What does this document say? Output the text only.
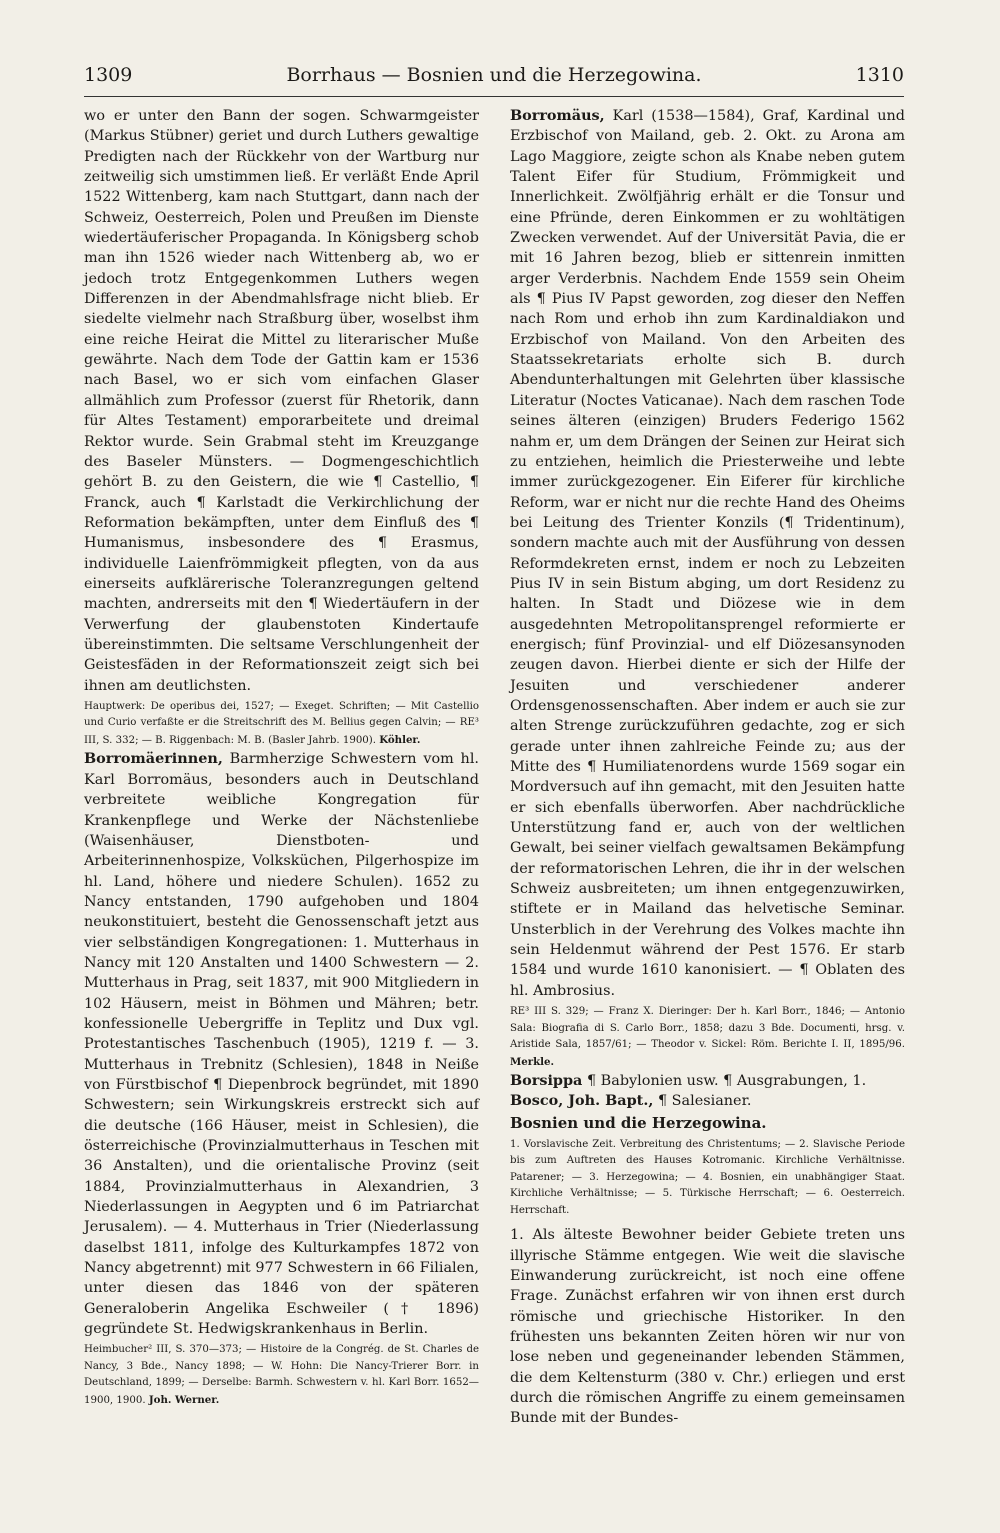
1309	Borrhaus — Bosnien und die Herzegowina.	1310

wo er unter den Bann der sogen. Schwarmgeister (Markus Stübner) geriet und durch Luthers gewaltige Predigten nach der Rückkehr von der Wartburg nur zeitweilig sich umstimmen ließ. Er verläßt Ende April 1522 Wittenberg, kam nach Stuttgart, dann nach der Schweiz, Oesterreich, Polen und Preußen im Dienste wiedertäuferischer Propaganda. In Königsberg schob man ihn 1526 wieder nach Wittenberg ab, wo er jedoch trotz Entgegenkommen Luthers wegen Differenzen in der Abendmahlsfrage nicht blieb. Er siedelte vielmehr nach Straßburg über, woselbst ihm eine reiche Heirat die Mittel zu literarischer Muße gewährte. Nach dem Tode der Gattin kam er 1536 nach Basel, wo er sich vom einfachen Glaser allmählich zum Professor (zuerst für Rhetorik, dann für Altes Testament) emporarbeitete und dreimal Rektor wurde. Sein Grabmal steht im Kreuzgange des Baseler Münsters. — Dogmengeschichtlich gehört B. zu den Geistern, die wie ¶ Castellio, ¶ Franck, auch ¶ Karlstadt die Verkirchlichung der Reformation bekämpften, unter dem Einfluß des ¶ Humanismus, insbesondere des ¶ Erasmus, individuelle Laienfrömmigkeit pflegten, von da aus einerseits aufklärerische Toleranzregungen geltend machten, andrerseits mit den ¶ Wiedertäufern in der Verwerfung der glaubenstoten Kindertaufe übereinstimmten. Die seltsame Verschlungenheit der Geistesfäden in der Reformationszeit zeigt sich bei ihnen am deutlichsten.

Hauptwerk: De operibus dei, 1527; — Exeget. Schriften; — Mit Castellio und Curio verfaßte er die Streitschrift des M. Bellius gegen Calvin; — RE³ III, S. 332; — B. Riggenbach: M. B. (Basler Jahrb. 1900). Köhler.

Borromäerinnen, Barmherzige Schwestern vom hl. Karl Borromäus, besonders auch in Deutschland verbreitete weibliche Kongregation für Krankenpflege und Werke der Nächstenliebe (Waisenhäuser, Dienstboten- und Arbeiterinnenhospize, Volksküchen, Pilgerhospize im hl. Land, höhere und niedere Schulen). 1652 zu Nancy entstanden, 1790 aufgehoben und 1804 neukonstituiert, besteht die Genossenschaft jetzt aus vier selbständigen Kongregationen: 1. Mutterhaus in Nancy mit 120 Anstalten und 1400 Schwestern — 2. Mutterhaus in Prag, seit 1837, mit 900 Mitgliedern in 102 Häusern, meist in Böhmen und Mähren; betr. konfessionelle Uebergriffe in Teplitz und Dux vgl. Protestantisches Taschenbuch (1905), 1219 f. — 3. Mutterhaus in Trebnitz (Schlesien), 1848 in Neiße von Fürstbischof ¶ Diepenbrock begründet, mit 1890 Schwestern; sein Wirkungskreis erstreckt sich auf die deutsche (166 Häuser, meist in Schlesien), die österreichische (Provinzialmutterhaus in Teschen mit 36 Anstalten), und die orientalische Provinz (seit 1884, Provinzialmutterhaus in Alexandrien, 3 Niederlassungen in Aegypten und 6 im Patriarchat Jerusalem). — 4. Mutterhaus in Trier (Niederlassung daselbst 1811, infolge des Kulturkampfes 1872 von Nancy abgetrennt) mit 977 Schwestern in 66 Filialen, unter diesen das 1846 von der späteren Generaloberin Angelika Eschweiler († 1896) gegründete St. Hedwigskrankenhaus in Berlin.

Heimbucher² III, S. 370—373; — Histoire de la Congrég. de St. Charles de Nancy, 3 Bde., Nancy 1898; — W. Hohn: Die Nancy-Trierer Borr. in Deutschland, 1899; — Derselbe: Barmh. Schwestern v. hl. Karl Borr. 1652—1900, 1900. Joh. Werner.

Borromäus, Karl (1538—1584), Graf, Kardinal und Erzbischof von Mailand, geb. 2. Okt. zu Arona am Lago Maggiore, zeigte schon als Knabe neben gutem Talent Eifer für Studium, Frömmigkeit und Innerlichkeit. Zwölfjährig erhält er die Tonsur und eine Pfründe, deren Einkommen er zu wohltätigen Zwecken verwendet. Auf der Universität Pavia, die er mit 16 Jahren bezog, blieb er sittenrein inmitten arger Verderbnis. Nachdem Ende 1559 sein Oheim als ¶ Pius IV Papst geworden, zog dieser den Neffen nach Rom und erhob ihn zum Kardinaldiakon und Erzbischof von Mailand. Von den Arbeiten des Staatssekretariats erholte sich B. durch Abendunterhaltungen mit Gelehrten über klassische Literatur (Noctes Vaticanae). Nach dem raschen Tode seines älteren (einzigen) Bruders Federigo 1562 nahm er, um dem Drängen der Seinen zur Heirat sich zu entziehen, heimlich die Priesterweihe und lebte immer zurückgezogener. Ein Eiferer für kirchliche Reform, war er nicht nur die rechte Hand des Oheims bei Leitung des Trienter Konzils (¶ Tridentinum), sondern machte auch mit der Ausführung von dessen Reformdekreten ernst, indem er noch zu Lebzeiten Pius IV in sein Bistum abging, um dort Residenz zu halten. In Stadt und Diözese wie in dem ausgedehnten Metropolitansprengel reformierte er energisch; fünf Provinzial- und elf Diözesansynoden zeugen davon. Hierbei diente er sich der Hilfe der Jesuiten und verschiedener anderer Ordensgenossenschaften. Aber indem er auch sie zur alten Strenge zurückzuführen gedachte, zog er sich gerade unter ihnen zahlreiche Feinde zu; aus der Mitte des ¶ Humiliatenordens wurde 1569 sogar ein Mordversuch auf ihn gemacht, mit den Jesuiten hatte er sich ebenfalls überworfen. Aber nachdrückliche Unterstützung fand er, auch von der weltlichen Gewalt, bei seiner vielfach gewaltsamen Bekämpfung der reformatorischen Lehren, die ihr in der welschen Schweiz ausbreiteten; um ihnen entgegenzuwirken, stiftete er in Mailand das helvetische Seminar. Unsterblich in der Verehrung des Volkes machte ihn sein Heldenmut während der Pest 1576. Er starb 1584 und wurde 1610 kanonisiert. — ¶ Oblaten des hl. Ambrosius.

RE³ III S. 329; — Franz X. Dieringer: Der h. Karl Borr., 1846; — Antonio Sala: Biografia di S. Carlo Borr., 1858; dazu 3 Bde. Documenti, hrsg. v. Aristide Sala, 1857/61; — Theodor v. Sickel: Röm. Berichte I. II, 1895/96. Merkle.

Borsippa ¶ Babylonien usw. ¶ Ausgrabungen, 1.

Bosco, Joh. Bapt., ¶ Salesianer.

Bosnien und die Herzegowina.

1. Vorslavische Zeit. Verbreitung des Christentums; — 2. Slavische Periode bis zum Auftreten des Hauses Kotromanic. Kirchliche Verhältnisse. Patarener; — 3. Herzegowina; — 4. Bosnien, ein unabhängiger Staat. Kirchliche Verhältnisse; — 5. Türkische Herrschaft; — 6. Oesterreich. Herrschaft.

1. Als älteste Bewohner beider Gebiete treten uns illyrische Stämme entgegen. Wie weit die slavische Einwanderung zurückreicht, ist noch eine offene Frage. Zunächst erfahren wir von ihnen erst durch römische und griechische Historiker. In den frühesten uns bekannten Zeiten hören wir nur von lose neben und gegeneinander lebenden Stämmen, die dem Keltensturm (380 v. Chr.) erliegen und erst durch die römischen Angriffe zu einem gemeinsamen Bunde mit der Bundes-
